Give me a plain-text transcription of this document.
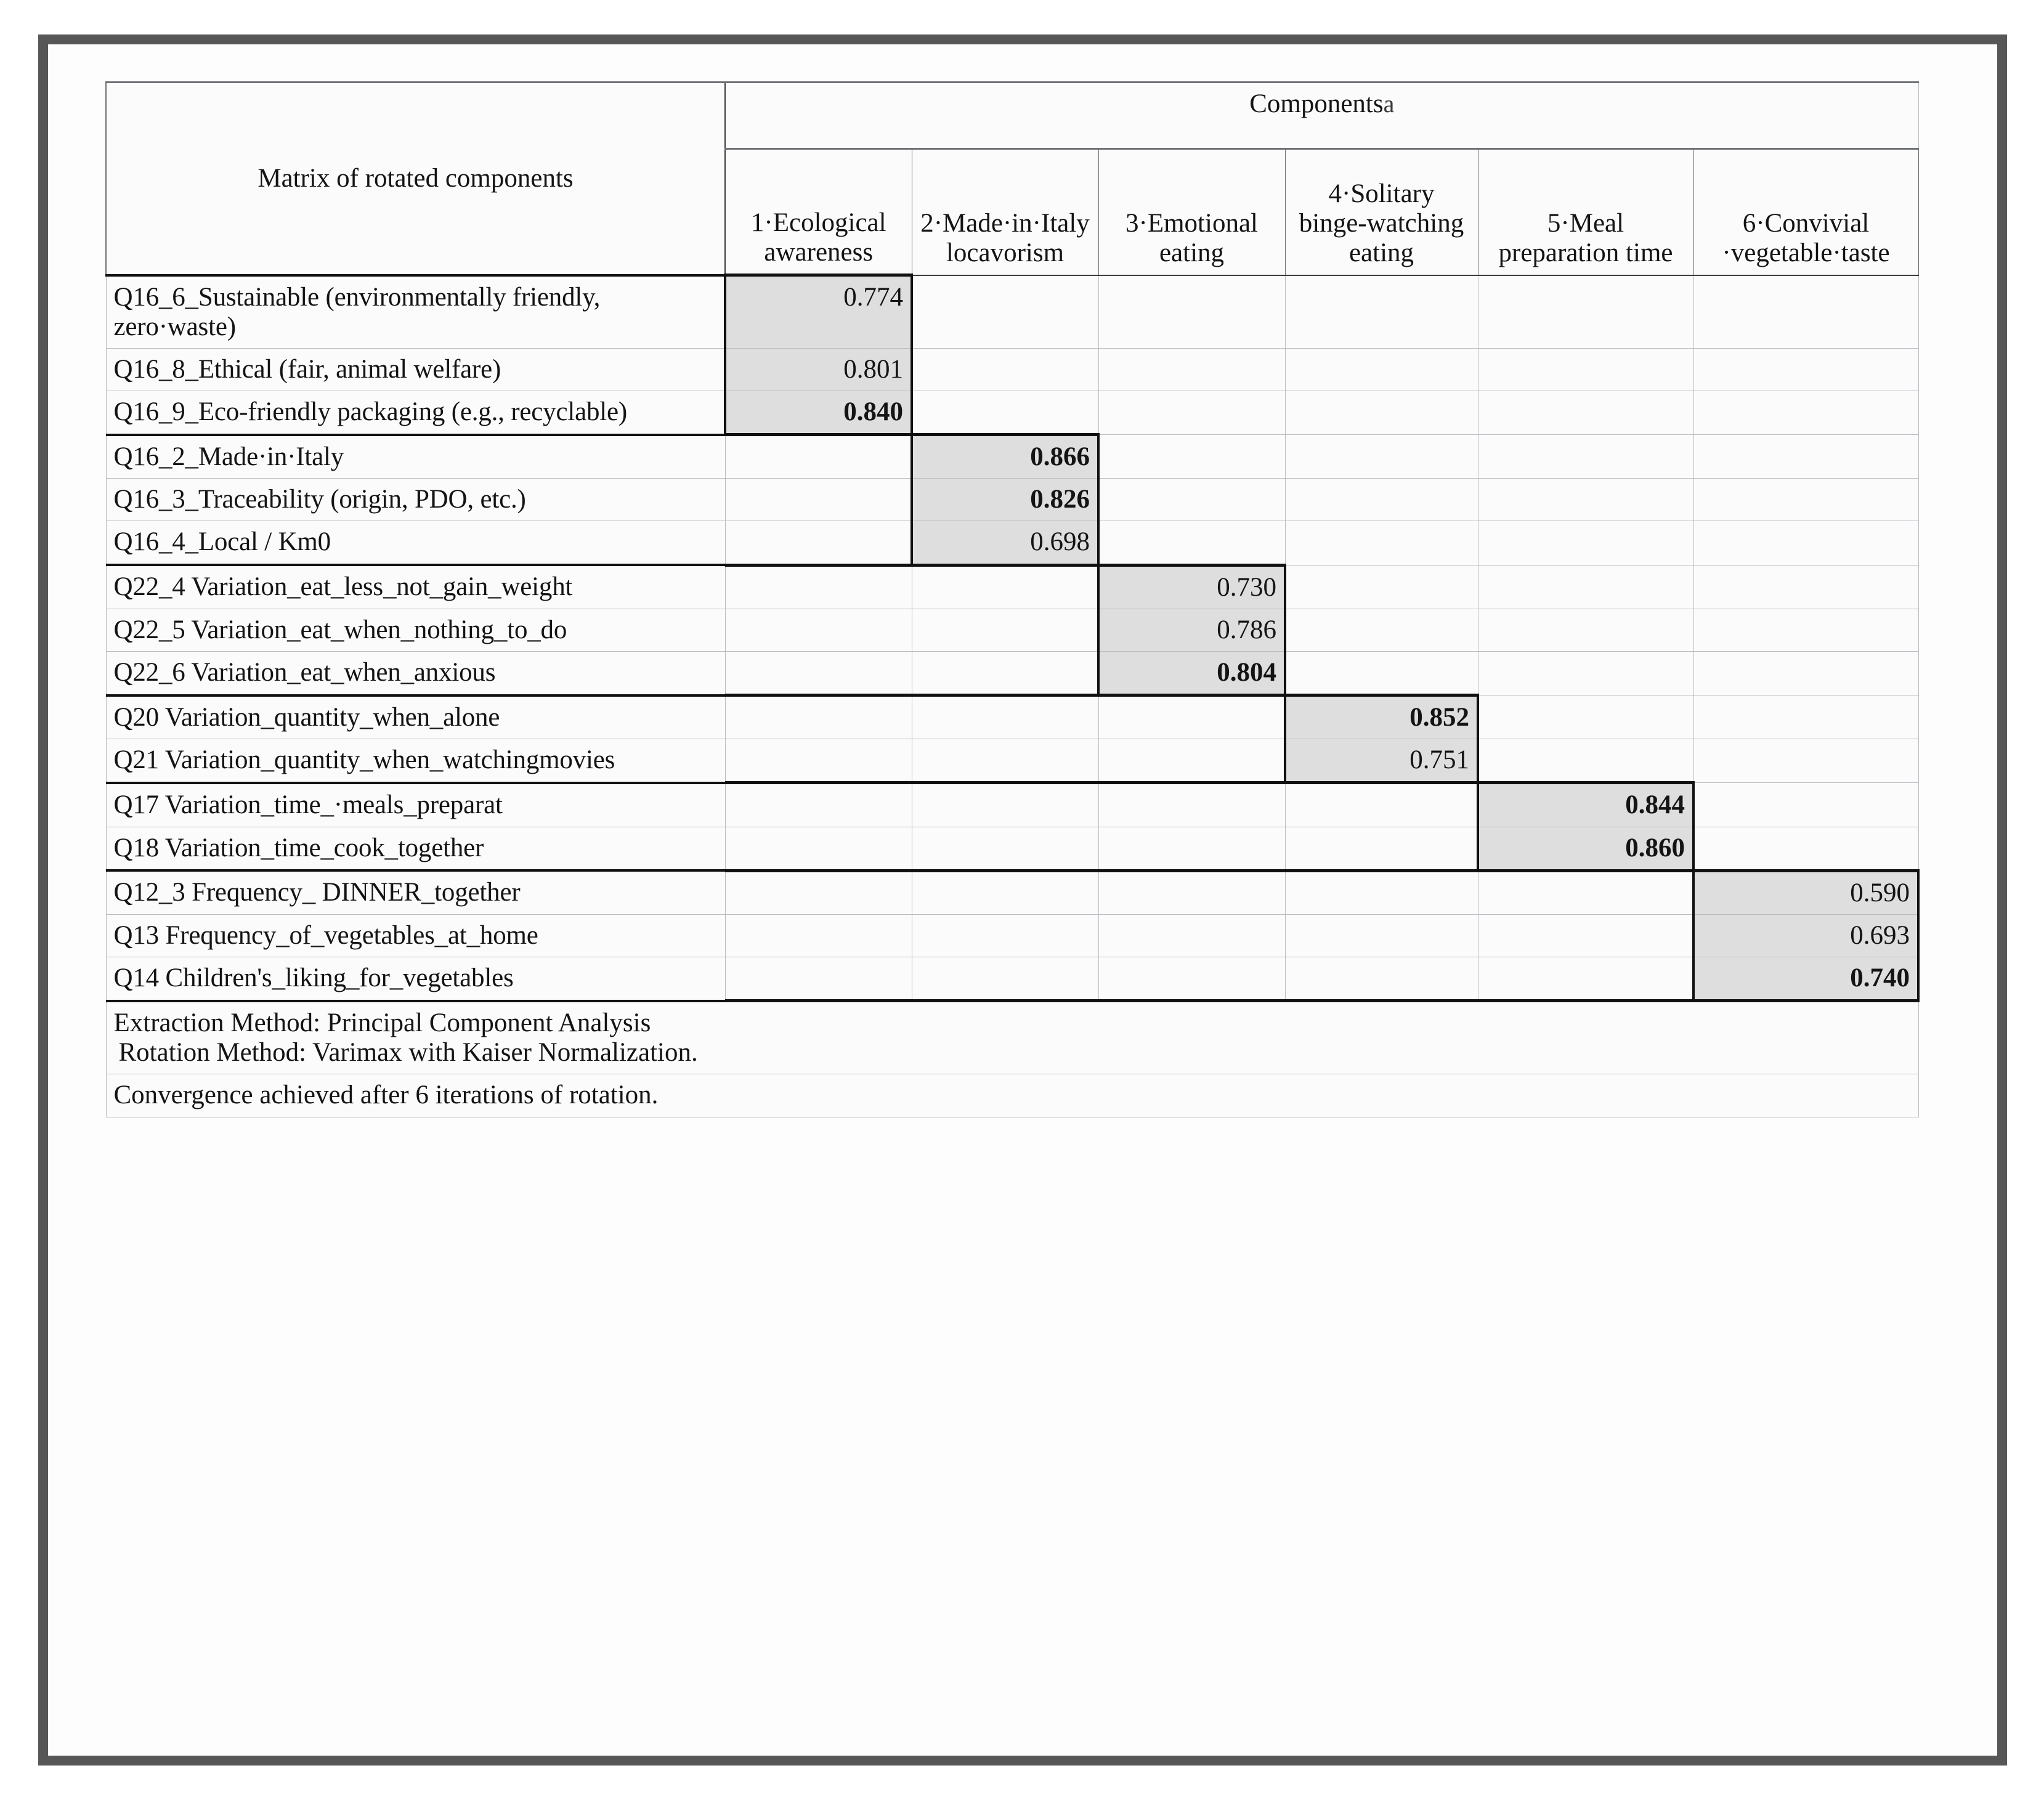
Matrix of rotated components	Componentsa					
	1·Ecological awareness	2·Made·in·Italy locavorism	3·Emotional eating	4·Solitary binge-watching eating	5·Meal preparation time	6·Convivial ·vegetable·taste
Q16_6_Sustainable (environmentally friendly, zero·waste)	0.774					
Q16_8_Ethical (fair, animal welfare)	0.801					
Q16_9_Eco-friendly packaging (e.g., recyclable)	0.840					
Q16_2_Made·in·Italy		0.866				
Q16_3_Traceability (origin, PDO, etc.)		0.826				
Q16_4_Local / Km0		0.698				
Q22_4 Variation_eat_less_not_gain_weight			0.730			
Q22_5 Variation_eat_when_nothing_to_do			0.786			
Q22_6 Variation_eat_when_anxious			0.804			
Q20 Variation_quantity_when_alone				0.852		
Q21 Variation_quantity_when_watchingmovies				0.751		
Q17 Variation_time_·meals_preparat					0.844	
Q18 Variation_time_cook_together					0.860	
Q12_3 Frequency_ DINNER_together						0.590
Q13 Frequency_of_vegetables_at_home						0.693
Q14 Children's_liking_for_vegetables						0.740

Extraction Method: Principal Component Analysis
Rotation Method: Varimax with Kaiser Normalization.						

Convergence achieved after 6 iterations of rotation.						
